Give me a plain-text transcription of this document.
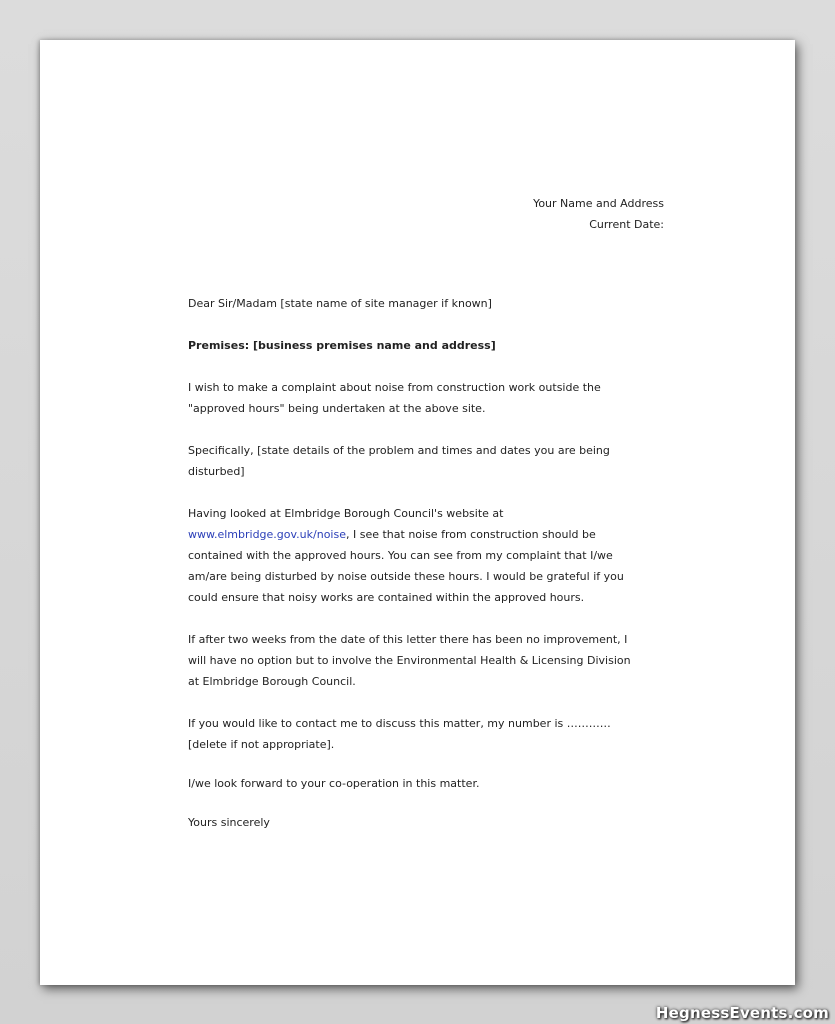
Your Name and Address
Current Date:

Dear Sir/Madam [state name of site manager if known]

Premises: [business premises name and address]

I wish to make a complaint about noise from construction work outside the "approved hours" being undertaken at the above site.

Specifically, [state details of the problem and times and dates you are being disturbed]

Having looked at Elmbridge Borough Council's website at
www.elmbridge.gov.uk/noise, I see that noise from construction should be contained with the approved hours. You can see from my complaint that I/we am/are being disturbed by noise outside these hours. I would be grateful if you could ensure that noisy works are contained within the approved hours.

If after two weeks from the date of this letter there has been no improvement, I will have no option but to involve the Environmental Health & Licensing Division at Elmbridge Borough Council.

If you would like to contact me to discuss this matter, my number is ………… [delete if not appropriate].

I/we look forward to your co-operation in this matter.

Yours sincerely

HegnessEvents.com
